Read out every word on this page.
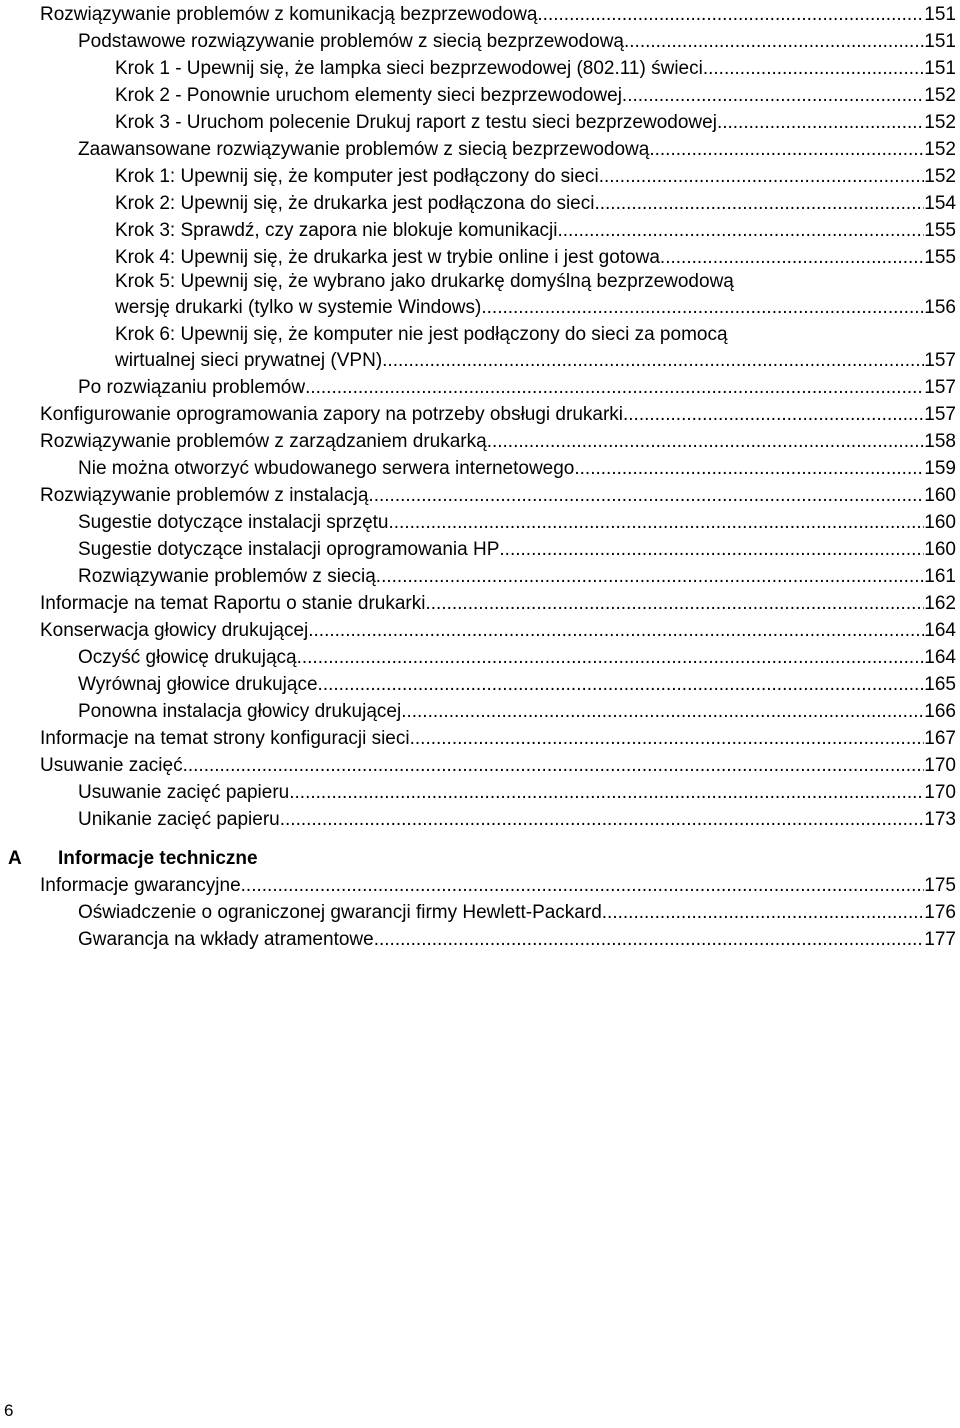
Rozwiązywanie problemów z komunikacją bezprzewodową .....	151
Podstawowe rozwiązywanie problemów z siecią bezprzewodową .....	151
Krok 1 - Upewnij się, że lampka sieci bezprzewodowej (802.11) świeci .....	151
Krok 2 - Ponownie uruchom elementy sieci bezprzewodowej .....	152
Krok 3 - Uruchom polecenie Drukuj raport z testu sieci bezprzewodowej .....	152
Zaawansowane rozwiązywanie problemów z siecią bezprzewodową .....	152
Krok 1: Upewnij się, że komputer jest podłączony do sieci .....	152
Krok 2: Upewnij się, że drukarka jest podłączona do sieci .....	154
Krok 3: Sprawdź, czy zapora nie blokuje komunikacji .....	155
Krok 4: Upewnij się, że drukarka jest w trybie online i jest gotowa .....	155
Krok 5: Upewnij się, że wybrano jako drukarkę domyślną bezprzewodową
wersję drukarki (tylko w systemie Windows) .....	156
Krok 6: Upewnij się, że komputer nie jest podłączony do sieci za pomocą
wirtualnej sieci prywatnej (VPN) .....	157
Po rozwiązaniu problemów .....	157
Konfigurowanie oprogramowania zapory na potrzeby obsługi drukarki .....	157
Rozwiązywanie problemów z zarządzaniem drukarką .....	158
Nie można otworzyć wbudowanego serwera internetowego .....	159
Rozwiązywanie problemów z instalacją .....	160
Sugestie dotyczące instalacji sprzętu .....	160
Sugestie dotyczące instalacji oprogramowania HP .....	160
Rozwiązywanie problemów z siecią .....	161
Informacje na temat Raportu o stanie drukarki .....	162
Konserwacja głowicy drukującej .....	164
Oczyść głowicę drukującą .....	164
Wyrównaj głowice drukujące .....	165
Ponowna instalacja głowicy drukującej .....	166
Informacje na temat strony konfiguracji sieci .....	167
Usuwanie zacięć .....	170
Usuwanie zacięć papieru .....	170
Unikanie zacięć papieru .....	173
A Informacje techniczne
Informacje gwarancyjne .....	175
Oświadczenie o ograniczonej gwarancji firmy Hewlett-Packard .....	176
Gwarancja na wkłady atramentowe .....	177
6
